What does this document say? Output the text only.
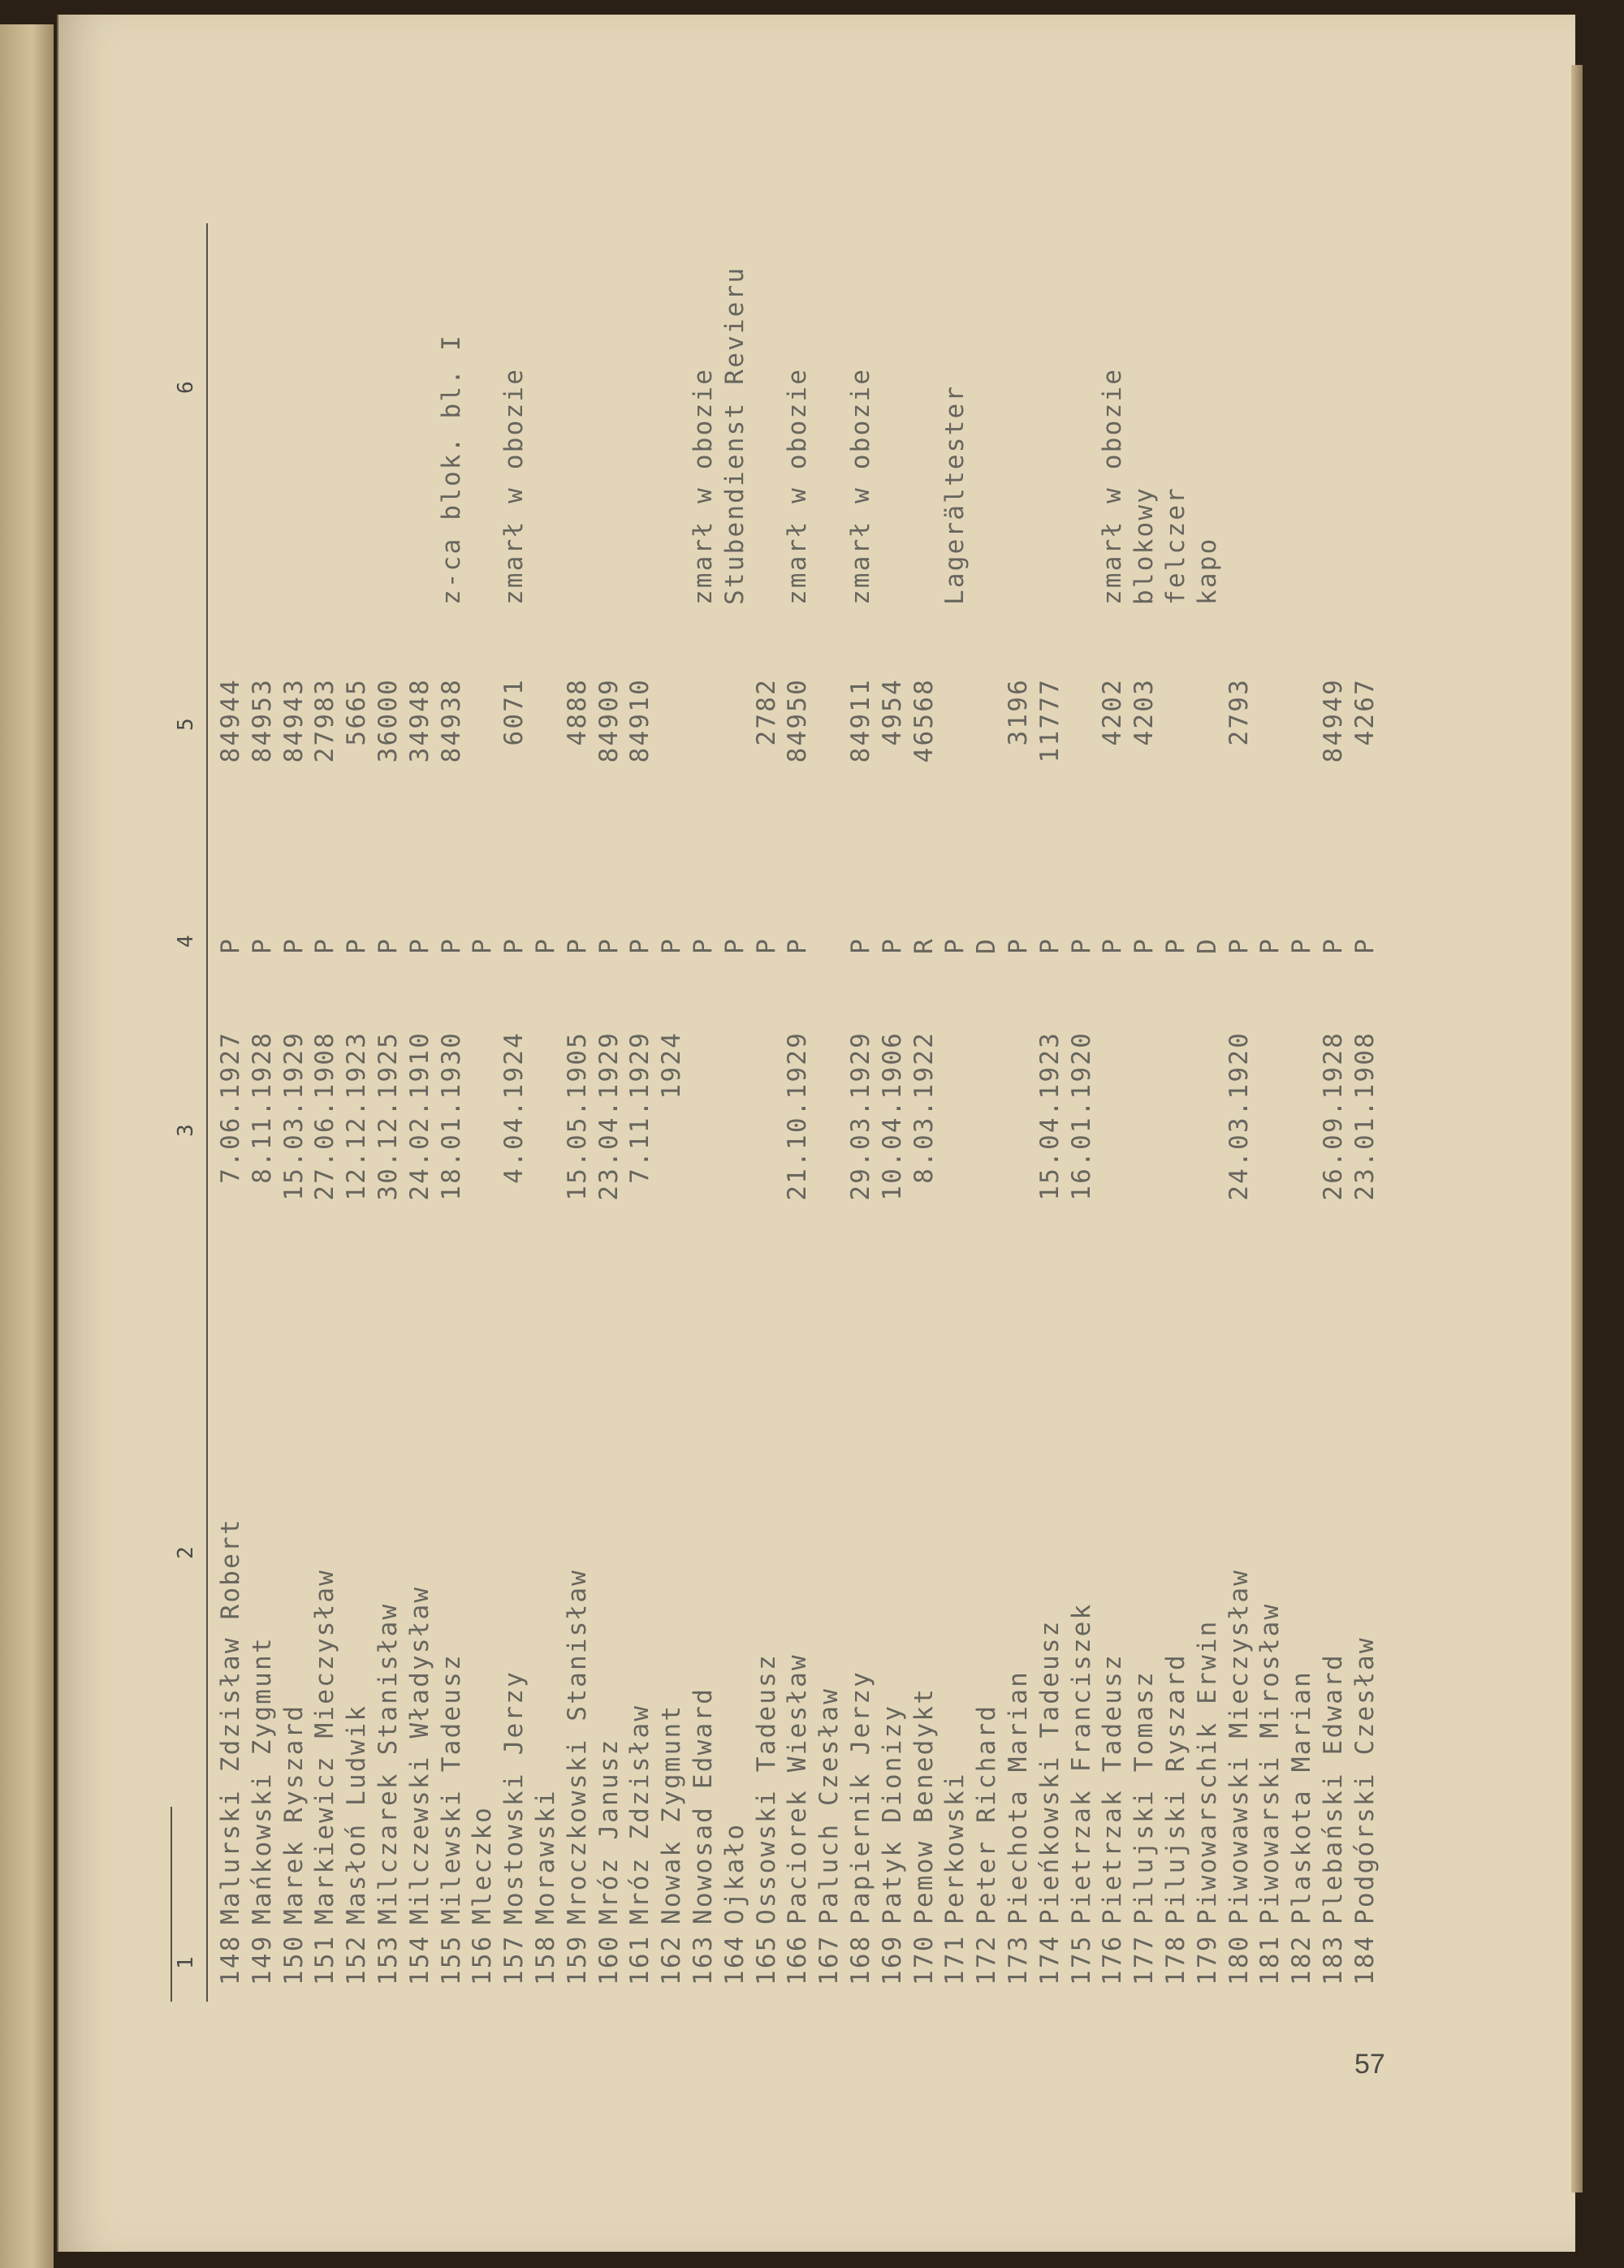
1
2
3
4
5
6
148
Malurski Zdzisław Robert
7.06.1927
P
84944
149
Mańkowski Zygmunt
8.11.1928
P
84953
150
Marek Ryszard
15.03.1929
P
84943
151
Markiewicz Mieczysław
27.06.1908
P
27983
152
Masłoń Ludwik
12.12.1923
P
5665
153
Milczarek Stanisław
30.12.1925
P
36000
154
Milczewski Władysław
24.02.1910
P
34948
155
Milewski Tadeusz
18.01.1930
P
84938
z-ca blok. bl. I
156
Mleczko
P
157
Mostowski Jerzy
4.04.1924
P
6071
zmarł w obozie
158
Morawski
P
159
Mroczkowski Stanisław
15.05.1905
P
4888
160
Mróz Janusz
23.04.1929
P
84909
161
Mróz Zdzisław
7.11.1929
P
84910
162
Nowak Zygmunt
1924
P
163
Nowosad Edward
P
zmarł w obozie
164
Ojkało
P
Stubendienst Revieru
165
Ossowski Tadeusz
P
2782
166
Paciorek Wiesław
21.10.1929
P
84950
zmarł w obozie
167
Paluch Czesław
168
Papiernik Jerzy
29.03.1929
P
84911
zmarł w obozie
169
Patyk Dionizy
10.04.1906
P
4954
170
Pemow Benedykt
8.03.1922
R
46568
171
Perkowski
P
Lagerältester
172
Peter Richard
D
173
Piechota Marian
P
3196
174
Pieńkowski Tadeusz
15.04.1923
P
11777
175
Pietrzak Franciszek
16.01.1920
P
176
Pietrzak Tadeusz
P
4202
zmarł w obozie
177
Pilujski Tomasz
P
4203
blokowy
178
Pilujski Ryszard
P
felczer
179
Piwowarschik Erwin
D
kapo
180
Piwowawski Mieczysław
24.03.1920
P
2793
181
Piwowarski Mirosław
P
182
Plaskota Marian
P
183
Plebański Edward
26.09.1928
P
84949
184
Podgórski Czesław
23.01.1908
P
4267
57
